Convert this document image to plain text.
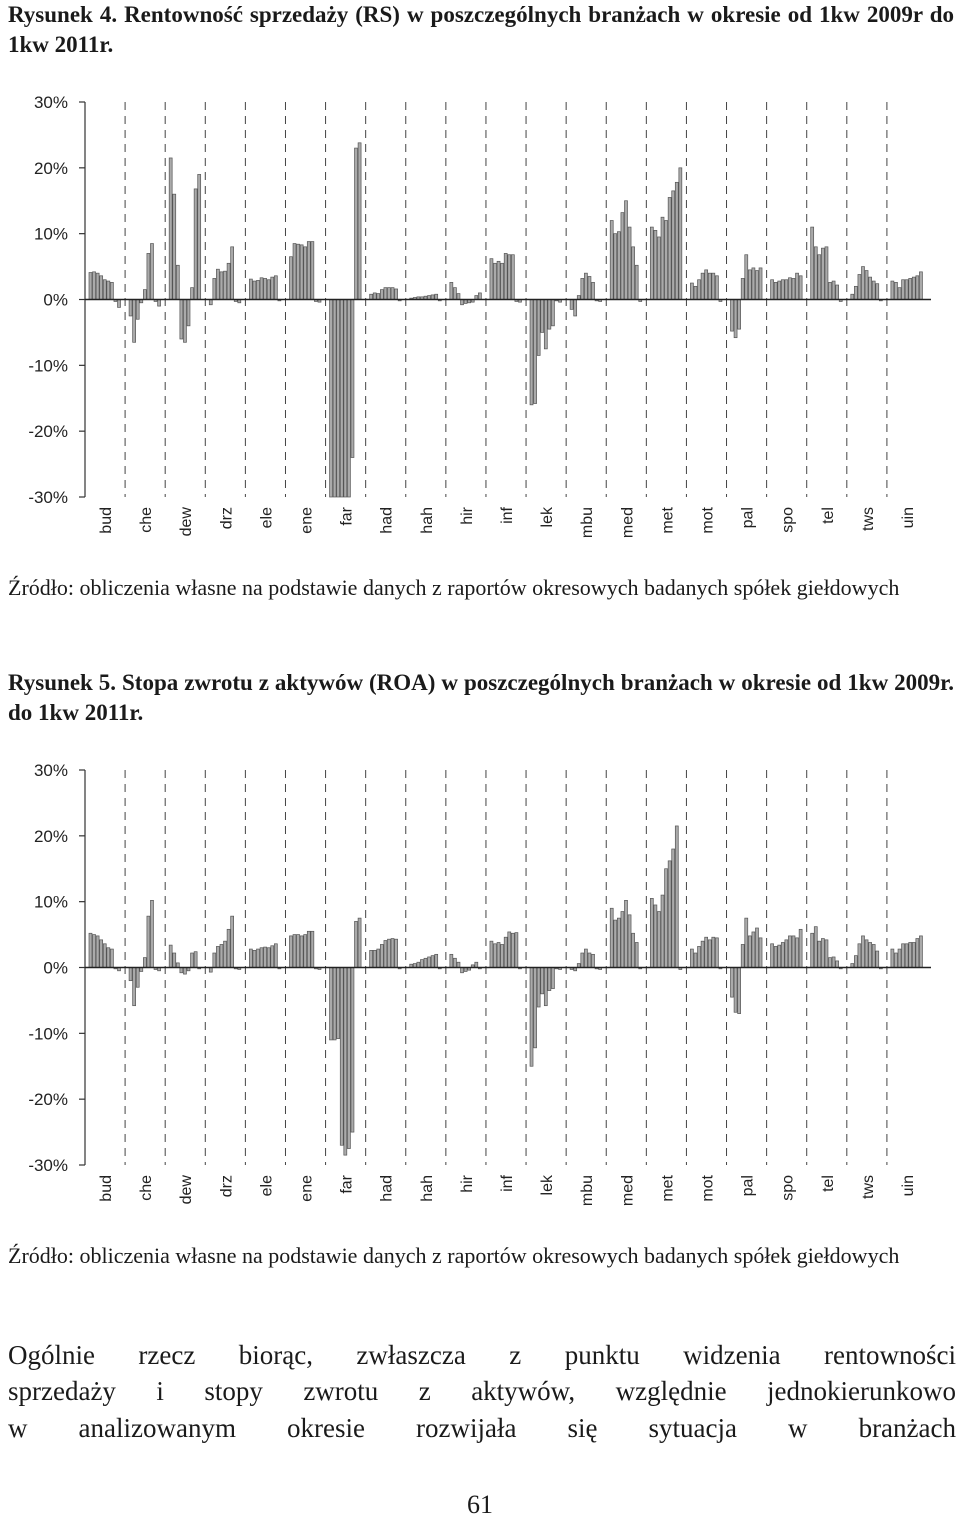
Rysunek 4. Rentowność sprzedaży (RS) w poszczególnych branżach w okresie od 1kw 2009r do 1kw 2011r.

30%
20%
10%
0%
-10%
-20%
-30%
bud che dew drz ele ene far had hah hir inf lek mbu med met mot pal spo tel tws uin

Źródło: obliczenia własne na podstawie danych z raportów okresowych badanych spółek giełdowych

Rysunek 5. Stopa zwrotu z aktywów (ROA) w poszczególnych branżach w okresie od 1kw 2009r. do 1kw 2011r.

30%
20%
10%
0%
-10%
-20%
-30%
bud che dew drz ele ene far had hah hir inf lek mbu med met mot pal spo tel tws uin

Źródło: obliczenia własne na podstawie danych z raportów okresowych badanych spółek giełdowych

Ogólnie rzecz biorąc, zwłaszcza z punktu widzenia rentowności

sprzedaży i stopy zwrotu z aktywów, względnie jednokierunkowo

w analizowanym okresie rozwijała się sytuacja w branżach

61
